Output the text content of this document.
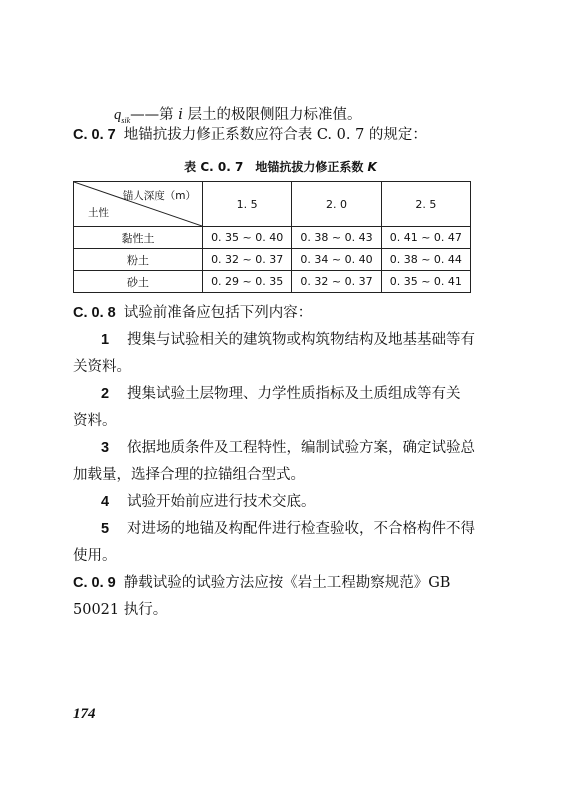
$q_{sik}——$第 i 层土的极限侧阻力标准值。
C. 0. 7 地锚抗拔力修正系数应符合表 C. 0. 7 的规定：
表 C. 0. 7　地锚抗拔力修正系数 K
锚人深度（m）
土性	1. 5	2. 0	2. 5
黏性土	0. 35 ~ 0. 40	0. 38 ~ 0. 43	0. 41 ~ 0. 47
粉土	0. 32 ~ 0. 37	0. 34 ~ 0. 40	0. 38 ~ 0. 44
砂土	0. 29 ~ 0. 35	0. 32 ~ 0. 37	0. 35 ~ 0. 41
C. 0. 8 试验前准备应包括下列内容：
1 搜集与试验相关的建筑物或构筑物结构及地基基础等有
关资料。
2 搜集试验土层物理、力学性质指标及土质组成等有关
资料。
3 依据地质条件及工程特性，编制试验方案，确定试验总
加载量，选择合理的拉锚组合型式。
4 试验开始前应进行技术交底。
5 对进场的地锚及构配件进行检查验收，不合格构件不得
使用。
C. 0. 9 静载试验的试验方法应按《岩土工程勘察规范》GB
50021 执行。
174
